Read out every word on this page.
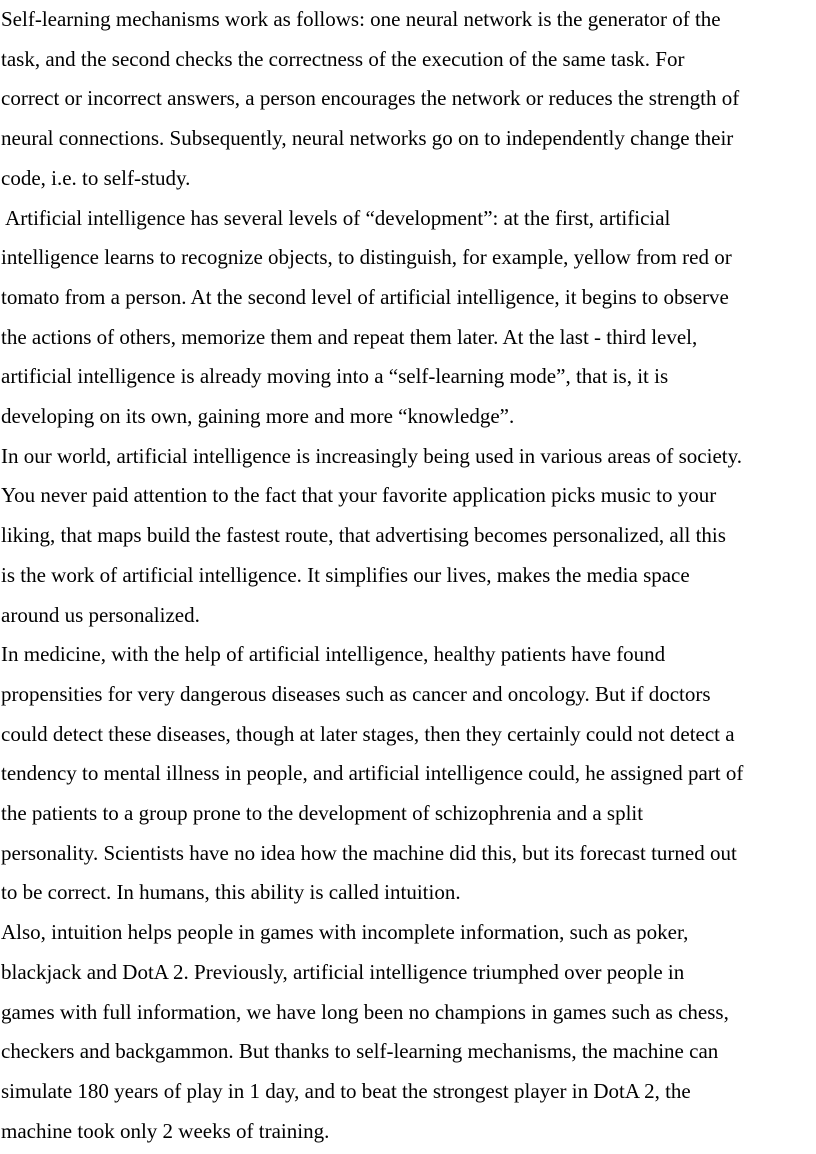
Self-learning mechanisms work as follows: one neural network is the generator of the
task, and the second checks the correctness of the execution of the same task. For
correct or incorrect answers, a person encourages the network or reduces the strength of
neural connections. Subsequently, neural networks go on to independently change their
code, i.e. to self-study.

Artificial intelligence has several levels of “development”: at the first, artificial
intelligence learns to recognize objects, to distinguish, for example, yellow from red or
tomato from a person. At the second level of artificial intelligence, it begins to observe
the actions of others, memorize them and repeat them later. At the last - third level,
artificial intelligence is already moving into a “self-learning mode”, that is, it is
developing on its own, gaining more and more “knowledge”.

In our world, artificial intelligence is increasingly being used in various areas of society.
You never paid attention to the fact that your favorite application picks music to your
liking, that maps build the fastest route, that advertising becomes personalized, all this
is the work of artificial intelligence. It simplifies our lives, makes the media space
around us personalized.

In medicine, with the help of artificial intelligence, healthy patients have found
propensities for very dangerous diseases such as cancer and oncology. But if doctors
could detect these diseases, though at later stages, then they certainly could not detect a
tendency to mental illness in people, and artificial intelligence could, he assigned part of
the patients to a group prone to the development of schizophrenia and a split
personality. Scientists have no idea how the machine did this, but its forecast turned out
to be correct. In humans, this ability is called intuition.

Also, intuition helps people in games with incomplete information, such as poker,
blackjack and DotA 2. Previously, artificial intelligence triumphed over people in
games with full information, we have long been no champions in games such as chess,
checkers and backgammon. But thanks to self-learning mechanisms, the machine can
simulate 180 years of play in 1 day, and to beat the strongest player in DotA 2, the
machine took only 2 weeks of training.
